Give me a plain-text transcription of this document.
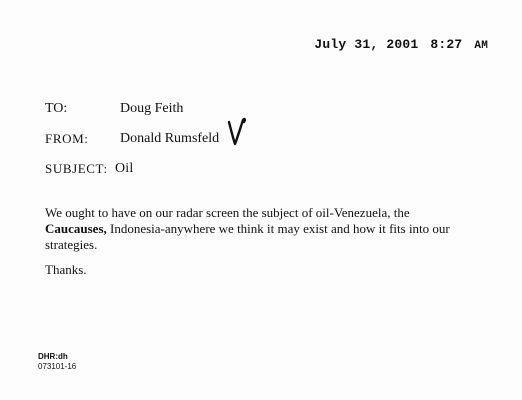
July 31, 2001 8:27 AM
TO:	Doug Feith
FROM: Donald Rumsfeld
SUBJECT: Oil
We ought to have on our radar screen the subject of oil-Venezuela, the
Caucauses, Indonesia-anywhere we think it may exist and how it fits into our strategies.
Thanks.
DHR:dh
073101-16
